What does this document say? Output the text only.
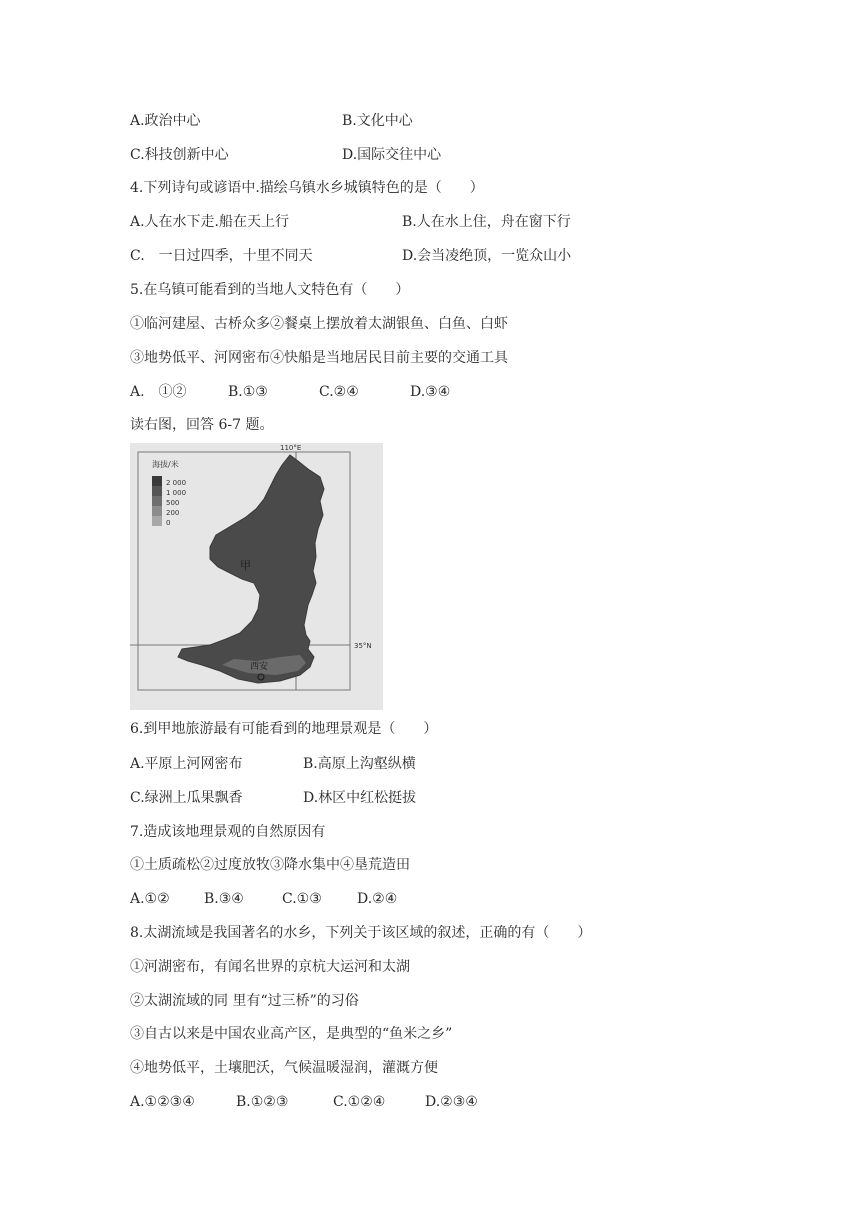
A.政治中心	B.文化中心
C.科技创新中心	D.国际交往中心
4.下列诗句或谚语中.描绘乌镇水乡城镇特色的是（　　）
A.人在水下走.船在天上行	B.人在水上住，舟在窗下行
C.　一日过四季，十里不同天	D.会当凌绝顶，一览众山小
5.在乌镇可能看到的当地人文特色有（　　）
①临河建屋、古桥众多②餐桌上摆放着太湖银鱼、白鱼、白虾
③地势低平、河网密布④快船是当地居民目前主要的交通工具
A.　①②	B.①③	C.②④	D.③④
读右图，回答 6-7 题。
海拔/米
2 000
1 000
500
200
0
110°E
35°N
甲
西安
6.到甲地旅游最有可能看到的地理景观是（　　）
A.平原上河网密布	B.高原上沟壑纵横
C.绿洲上瓜果飘香	D.林区中红松挺拔
7.造成该地理景观的自然原因有
①土质疏松②过度放牧③降水集中④垦荒造田
A.①② B.③④	C.①③	D.②④
8.太湖流域是我国著名的水乡，下列关于该区域的叙述，正确的有（　　）
①河湖密布，有闻名世界的京杭大运河和太湖
②太湖流域的同 里有“过三桥”的习俗
③自古以来是中国农业高产区，是典型的“鱼米之乡”
④地势低平，土壤肥沃，气候温暖湿润，灌溉方便
A.①②③④	B.①②③	C.①②④	D.②③④
